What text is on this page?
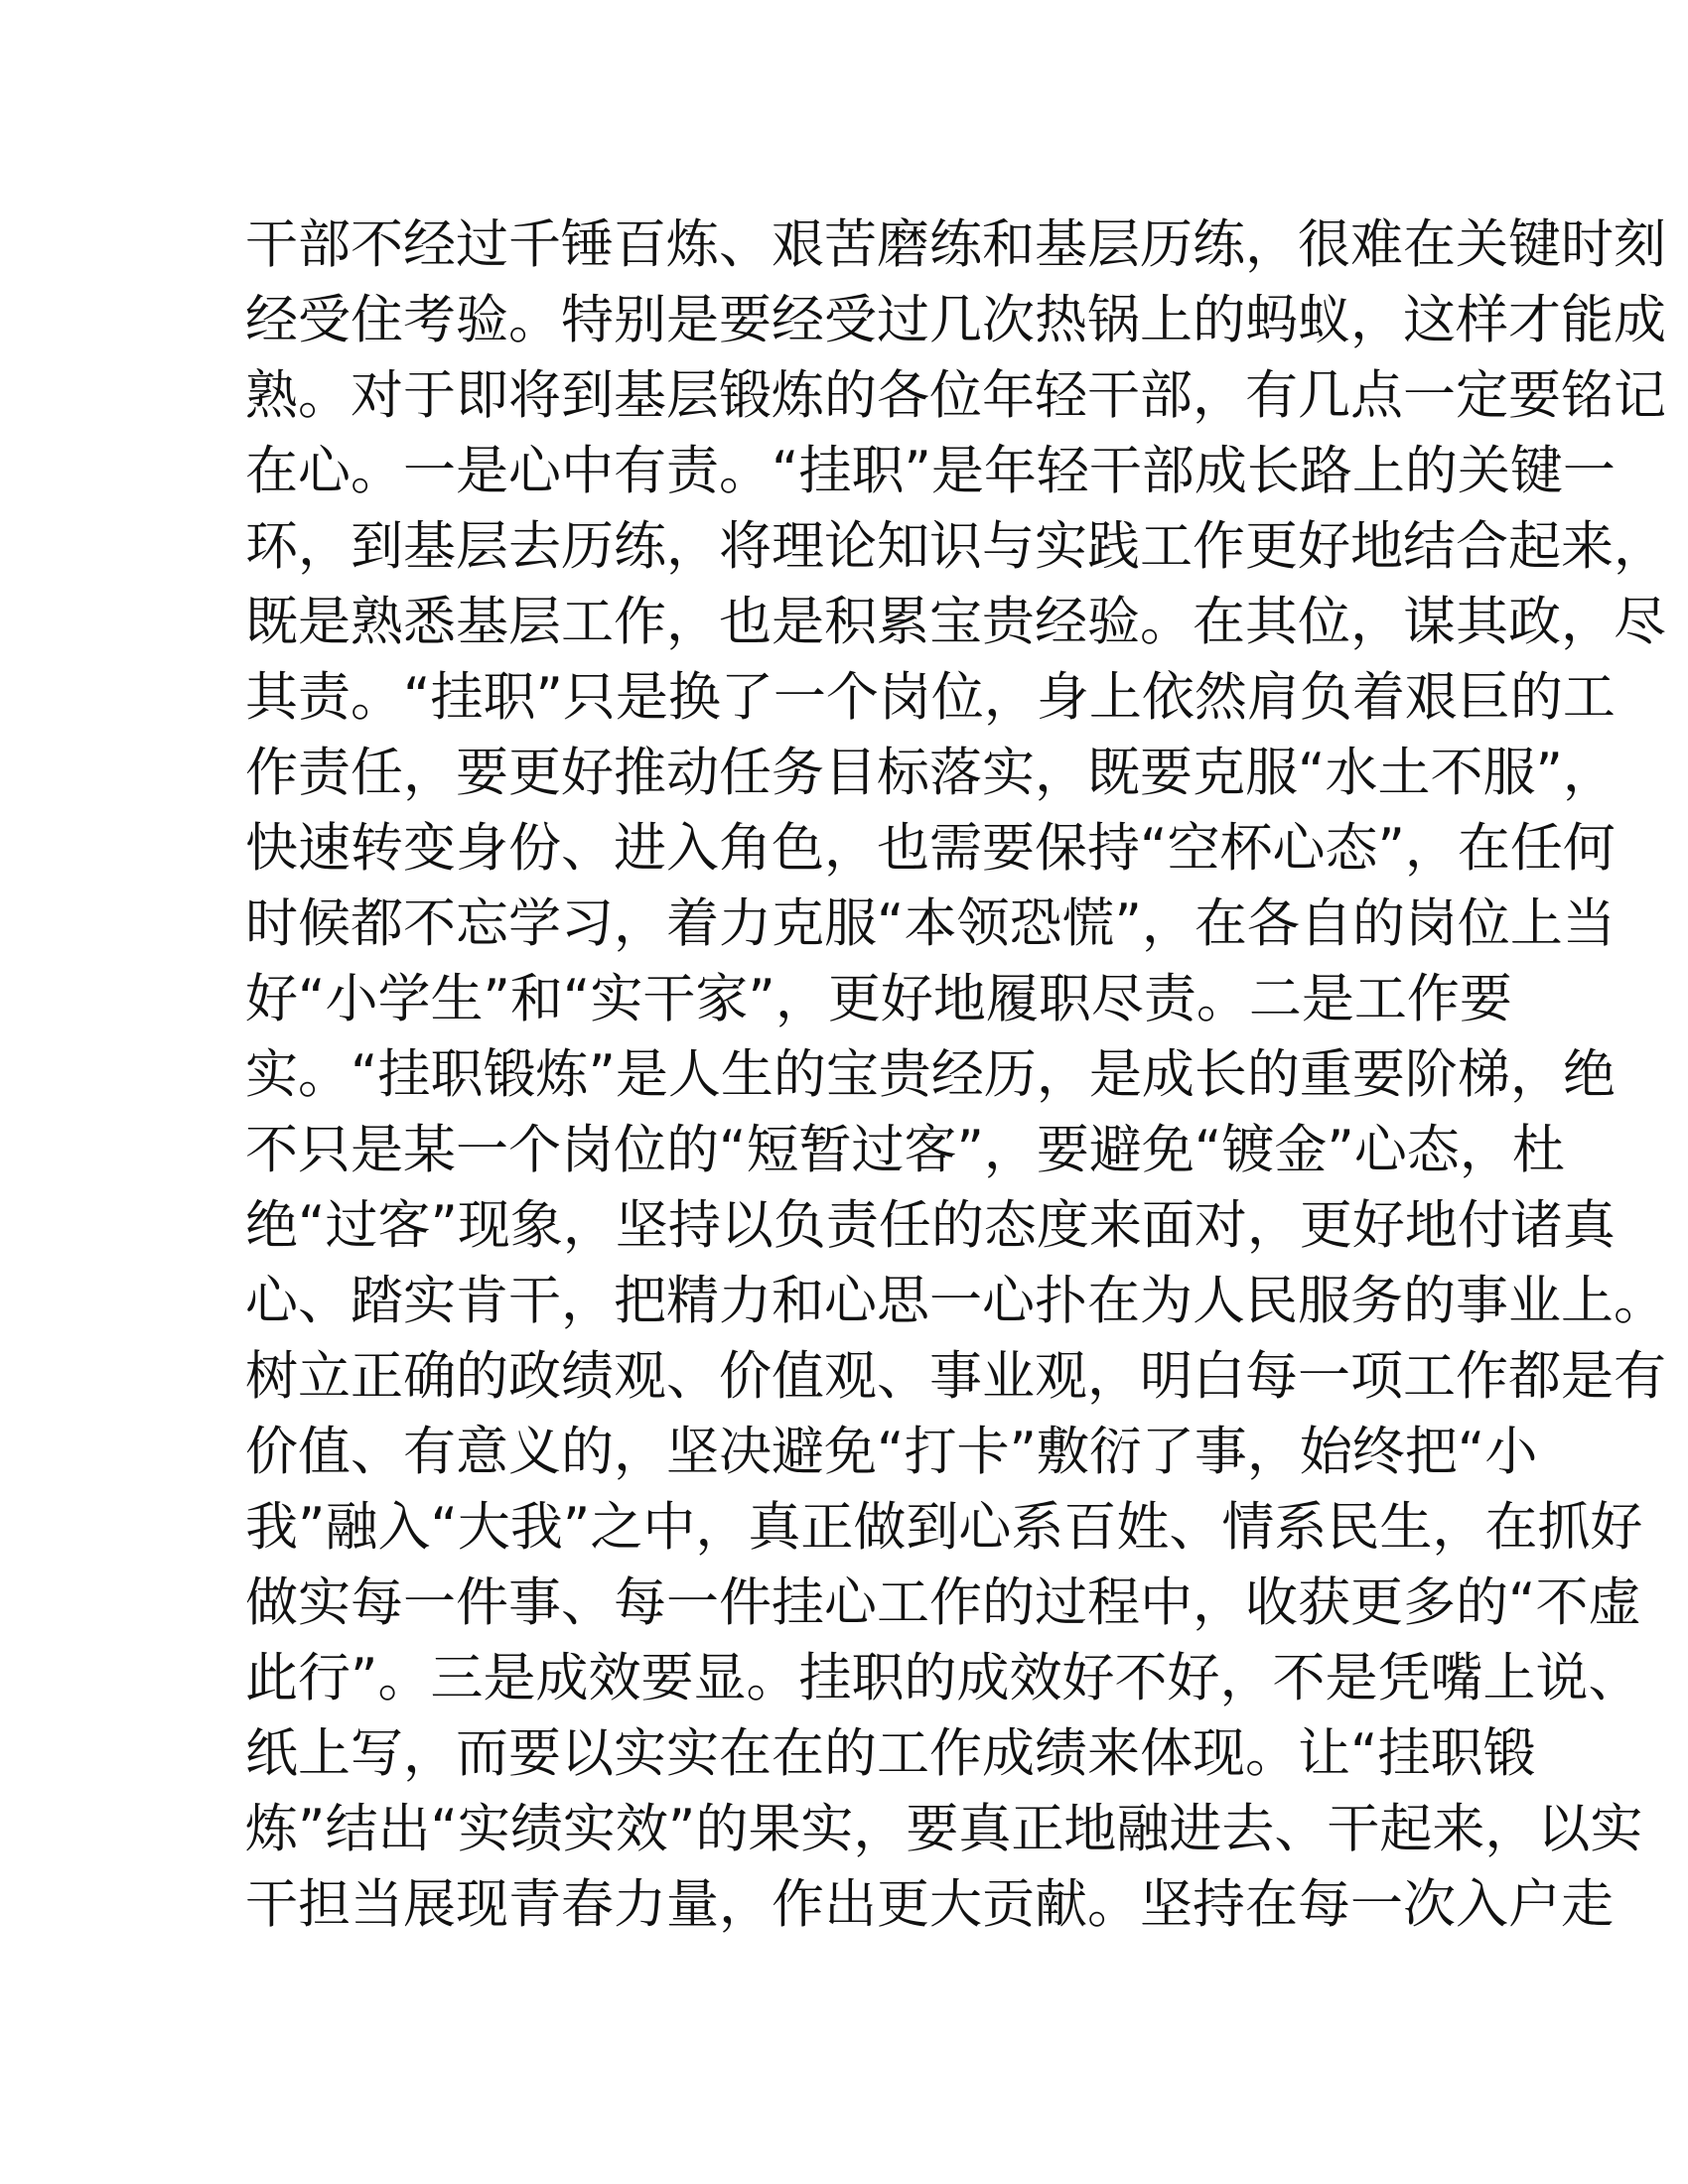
干部不经过千锤百炼、艰苦磨练和基层历练，很难在关键时刻
经受住考验。特别是要经受过几次热锅上的蚂蚁，这样才能成
熟。对于即将到基层锻炼的各位年轻干部，有几点一定要铭记
在心。一是心中有责。“挂职”是年轻干部成长路上的关键一
环，到基层去历练，将理论知识与实践工作更好地结合起来，
既是熟悉基层工作，也是积累宝贵经验。在其位，谋其政，尽
其责。“挂职”只是换了一个岗位，身上依然肩负着艰巨的工
作责任，要更好推动任务目标落实，既要克服“水土不服”，
快速转变身份、进入角色，也需要保持“空杯心态”，在任何
时候都不忘学习，着力克服“本领恐慌”，在各自的岗位上当
好“小学生”和“实干家”，更好地履职尽责。二是工作要
实。“挂职锻炼”是人生的宝贵经历，是成长的重要阶梯，绝
不只是某一个岗位的“短暂过客”，要避免“镀金”心态，杜
绝“过客”现象，坚持以负责任的态度来面对，更好地付诸真
心、踏实肯干，把精力和心思一心扑在为人民服务的事业上。
树立正确的政绩观、价值观、事业观，明白每一项工作都是有
价值、有意义的，坚决避免“打卡”敷衍了事，始终把“小
我”融入“大我”之中，真正做到心系百姓、情系民生，在抓好
做实每一件事、每一件挂心工作的过程中，收获更多的“不虚
此行”。三是成效要显。挂职的成效好不好，不是凭嘴上说、
纸上写，而要以实实在在的工作成绩来体现。让“挂职锻
炼”结出“实绩实效”的果实，要真正地融进去、干起来，以实
干担当展现青春力量，作出更大贡献。坚持在每一次入户走
